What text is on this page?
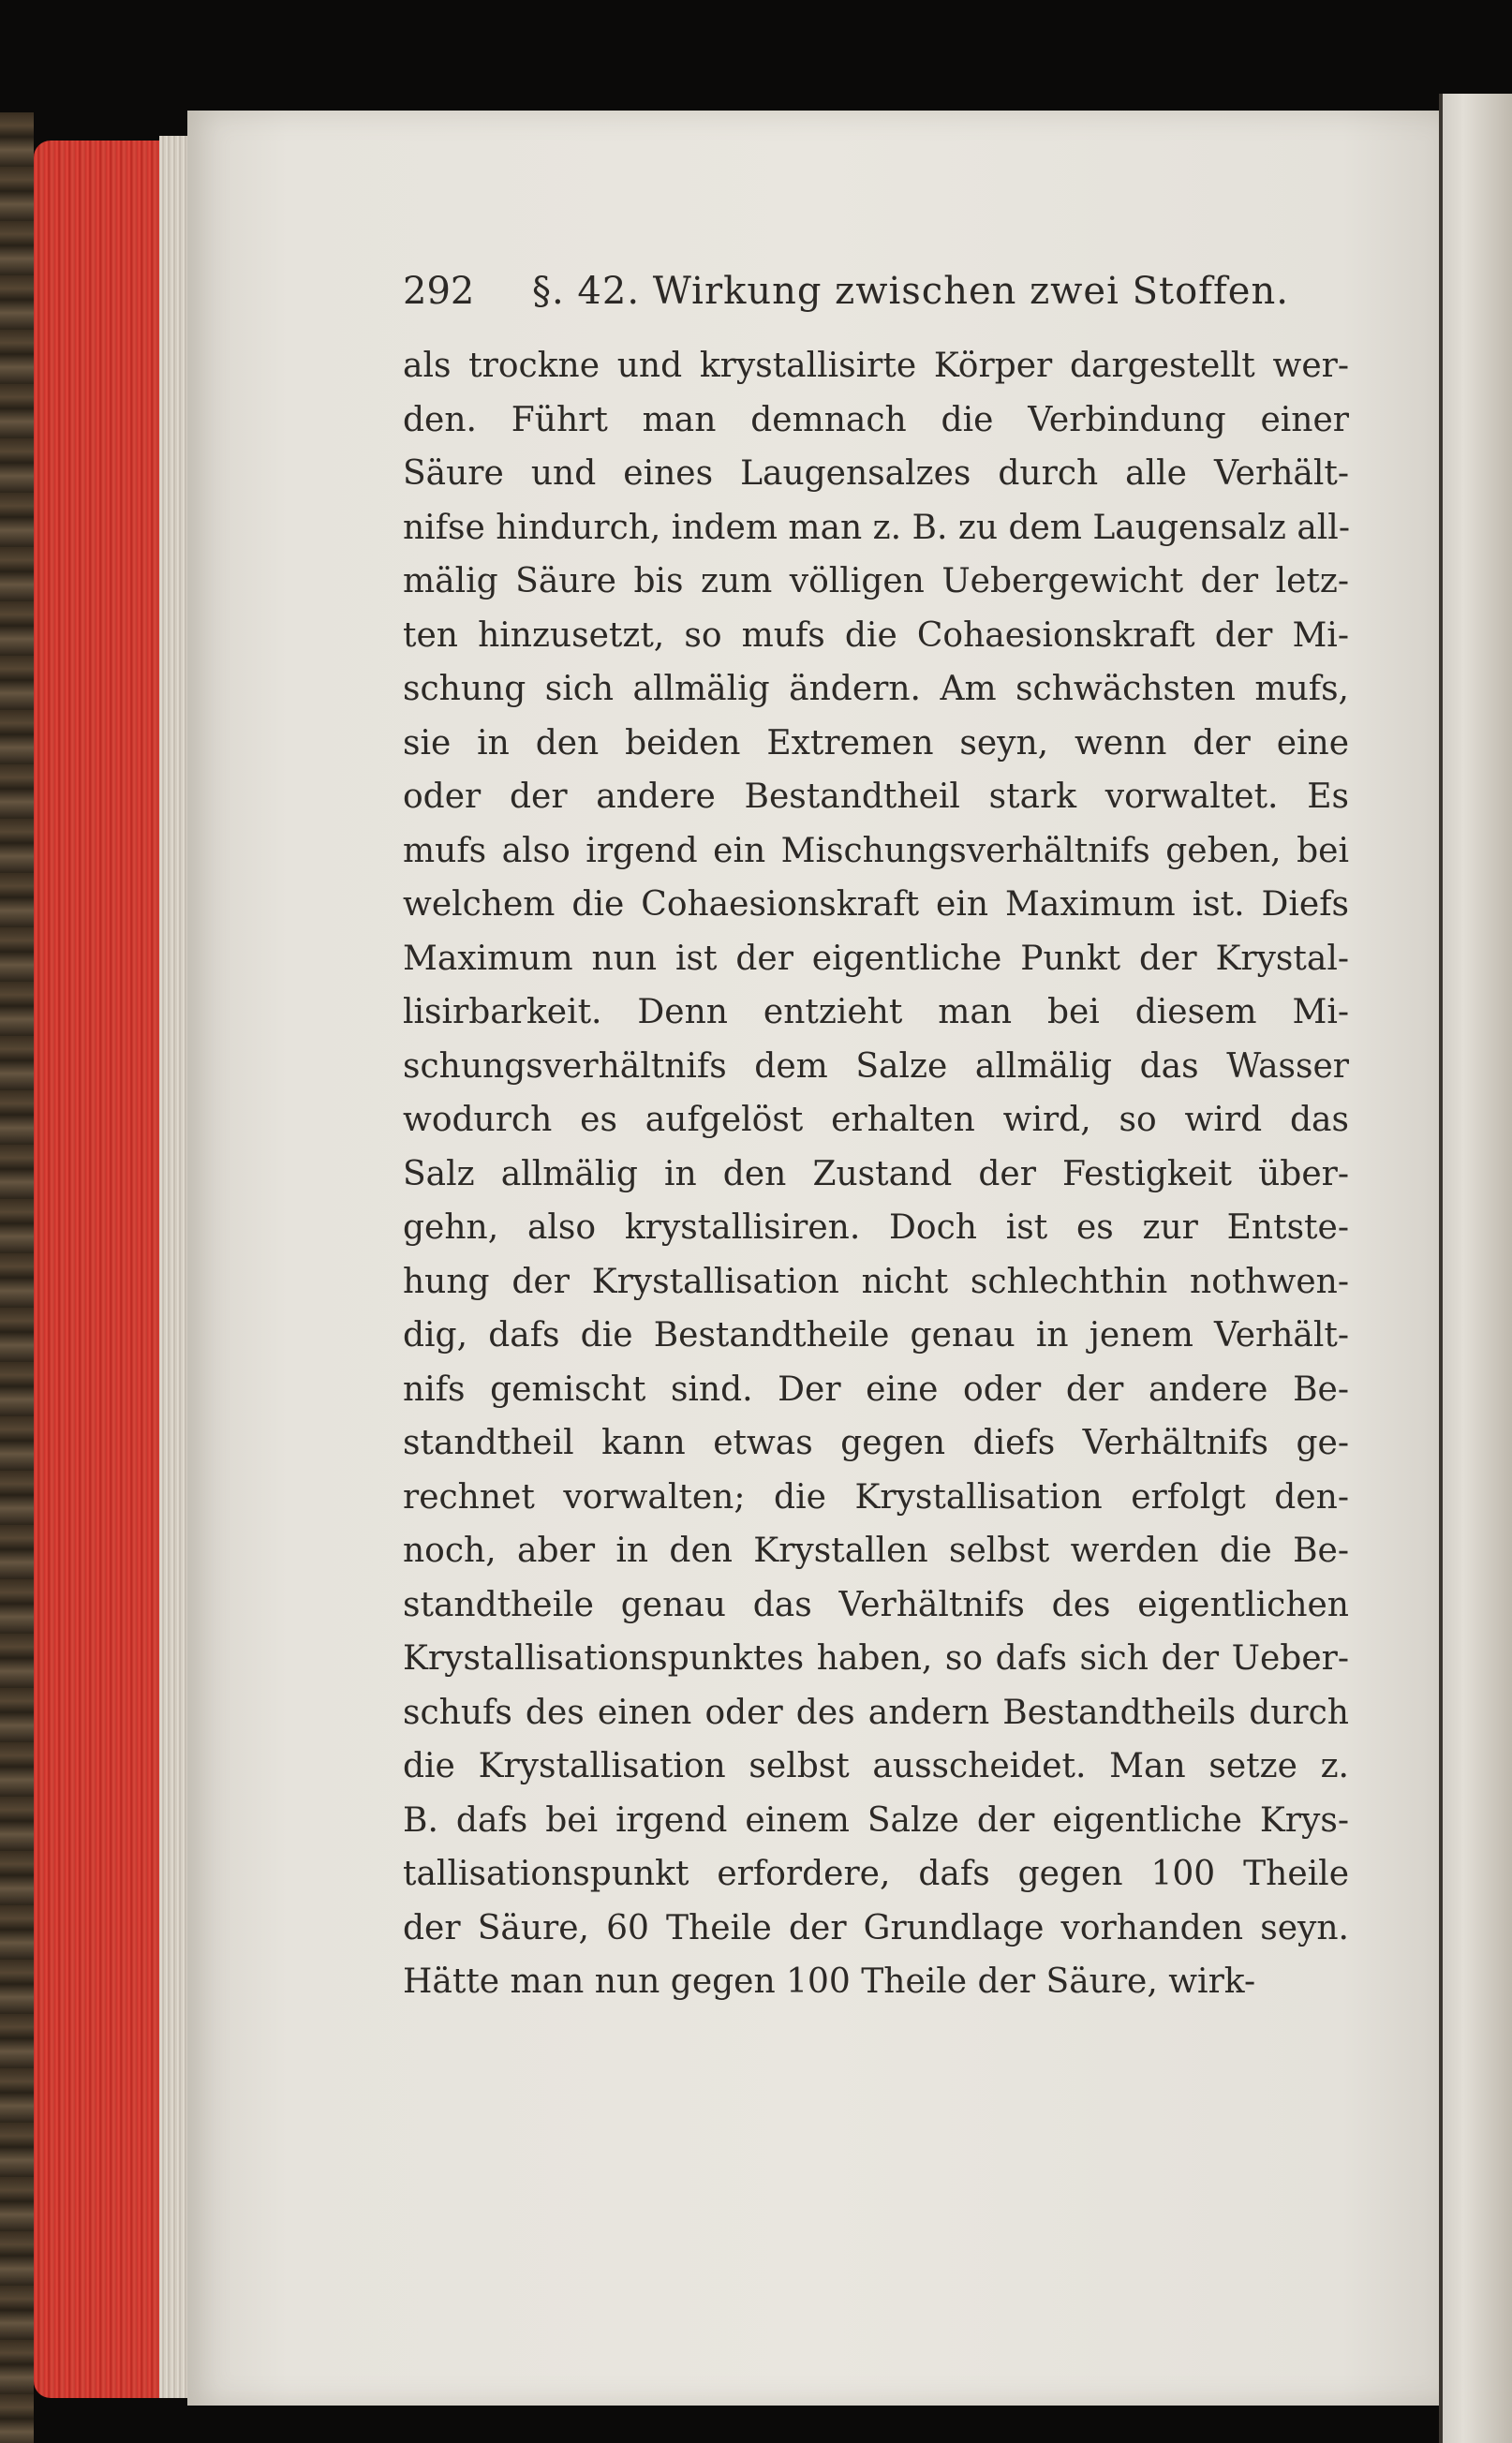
292 §. 42. Wirkung zwischen zwei Stoffen.
als trockne und krystallisirte Körper dargestellt wer-
den. Führt man demnach die Verbindung einer
Säure und eines Laugensalzes durch alle Verhält-
nifse hindurch, indem man z. B. zu dem Laugensalz all-
mälig Säure bis zum völligen Uebergewicht der letz-
ten hinzusetzt, so mufs die Cohaesionskraft der Mi-
schung sich allmälig ändern. Am schwächsten mufs,
sie in den beiden Extremen seyn, wenn der eine
oder der andere Bestandtheil stark vorwaltet. Es
mufs also irgend ein Mischungsverhältnifs geben, bei
welchem die Cohaesionskraft ein Maximum ist. Diefs
Maximum nun ist der eigentliche Punkt der Krystal-
lisirbarkeit. Denn entzieht man bei diesem Mi-
schungsverhältnifs dem Salze allmälig das Wasser
wodurch es aufgelöst erhalten wird, so wird das
Salz allmälig in den Zustand der Festigkeit über-
gehn, also krystallisiren. Doch ist es zur Entste-
hung der Krystallisation nicht schlechthin nothwen-
dig, dafs die Bestandtheile genau in jenem Verhält-
nifs gemischt sind. Der eine oder der andere Be-
standtheil kann etwas gegen diefs Verhältnifs ge-
rechnet vorwalten; die Krystallisation erfolgt den-
noch, aber in den Krystallen selbst werden die Be-
standtheile genau das Verhältnifs des eigentlichen
Krystallisationspunktes haben, so dafs sich der Ueber-
schufs des einen oder des andern Bestandtheils durch
die Krystallisation selbst ausscheidet. Man setze z.
B. dafs bei irgend einem Salze der eigentliche Krys-
tallisationspunkt erfordere, dafs gegen 100 Theile
der Säure, 60 Theile der Grundlage vorhanden seyn.
Hätte man nun gegen 100 Theile der Säure, wirk-
